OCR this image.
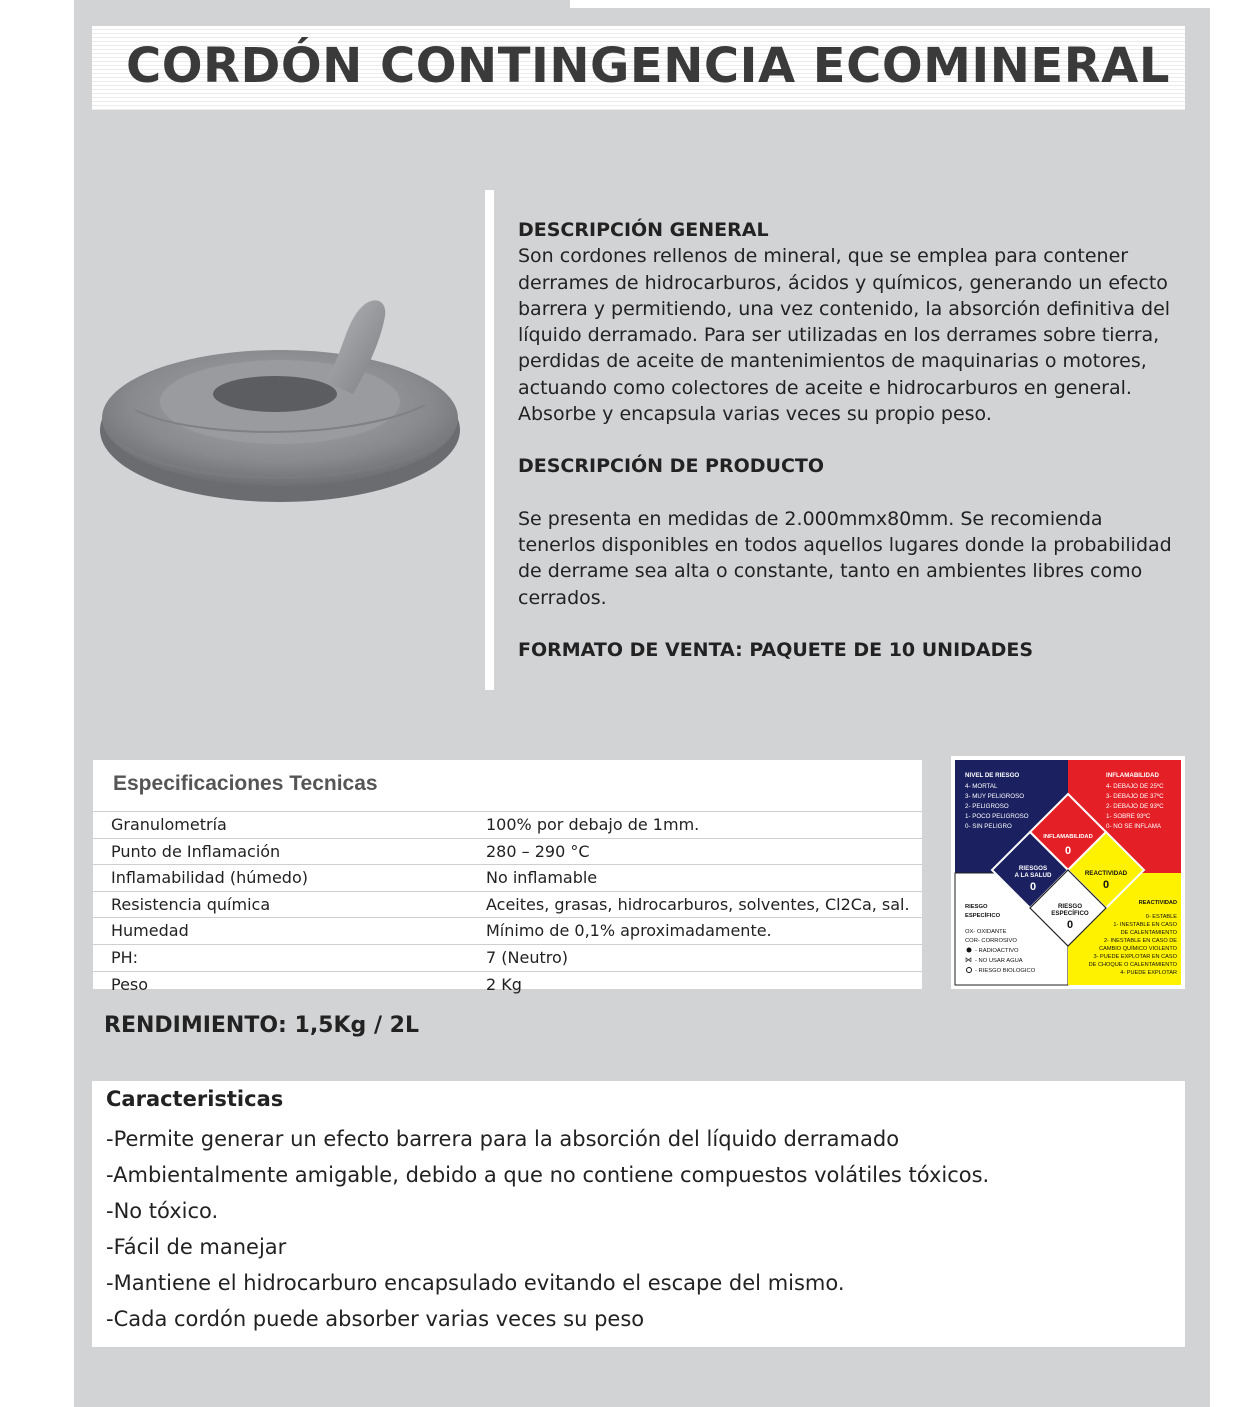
CORDÓN CONTINGENCIA ECOMINERAL

DESCRIPCIÓN GENERAL

Son cordones rellenos de mineral, que se emplea para contener derrames de hidrocarburos, ácidos y químicos, generando un efecto barrera y permitiendo, una vez contenido, la absorción definitiva del líquido derramado. Para ser utilizadas en los derrames sobre tierra, perdidas de aceite de mantenimientos de maquinarias o motores, actuando como colectores de aceite e hidrocarburos en general. Absorbe y encapsula varias veces su propio peso.

DESCRIPCIÓN DE PRODUCTO

Se presenta en medidas de 2.000mmx80mm. Se recomienda tenerlos disponibles en todos aquellos lugares donde la probabilidad de derrame sea alta o constante, tanto en ambientes libres como cerrados.

FORMATO DE VENTA: PAQUETE DE 10 UNIDADES

Especificaciones Tecnicas
Granulometría	100% por debajo de 1mm.
Punto de Inflamación	280 – 290 °C
Inflamabilidad (húmedo)	No inflamable
Resistencia química	Aceites, grasas, hidrocarburos, solventes, Cl2Ca, sal.
Humedad	Mínimo de 0,1% aproximadamente.
PH:	7 (Neutro)
Peso	2 Kg
NIVEL DE RIESGO
4- MORTAL
3- MUY PELIGROSO
2- PELIGROSO
1- POCO PELIGROSO
0- SIN PELIGRO
INFLAMABILIDAD
4- DEBAJO DE 25ºC
3- DEBAJO DE 37ºC
2- DEBAJO DE 93ºC
1- SOBRE 93ºC
0- NO SE INFLAMA
RIESGO
ESPECÍFICO
OX- OXIDANTE
COR- CORROSIVO
- RADIOACTIVO
- NO USAR AGUA
- RIESGO BIOLOGICO
⋈
REACTIVIDAD
0- ESTABLE
1- INESTABLE EN CASO
DE CALENTAMIENTO
2- INESTABLE EN CASO DE
CAMBIO QUÍMICO VIOLENTO
3- PUEDE EXPLOTAR EN CASO
DE CHOQUE O CALENTAMIENTO
4- PUEDE EXPLOTAR
INFLAMABILIDAD
0
RIESGOS
A LA SALUD
0
REACTIVIDAD
0
RIESGO
ESPECÍFICO
0

RENDIMIENTO: 1,5Kg / 2L

Caracteristicas
-Permite generar un efecto barrera para la absorción del líquido derramado
-Ambientalmente amigable, debido a que no contiene compuestos volátiles tóxicos.
-No tóxico.
-Fácil de manejar
-Mantiene el hidrocarburo encapsulado evitando el escape del mismo.
-Cada cordón puede absorber varias veces su peso
